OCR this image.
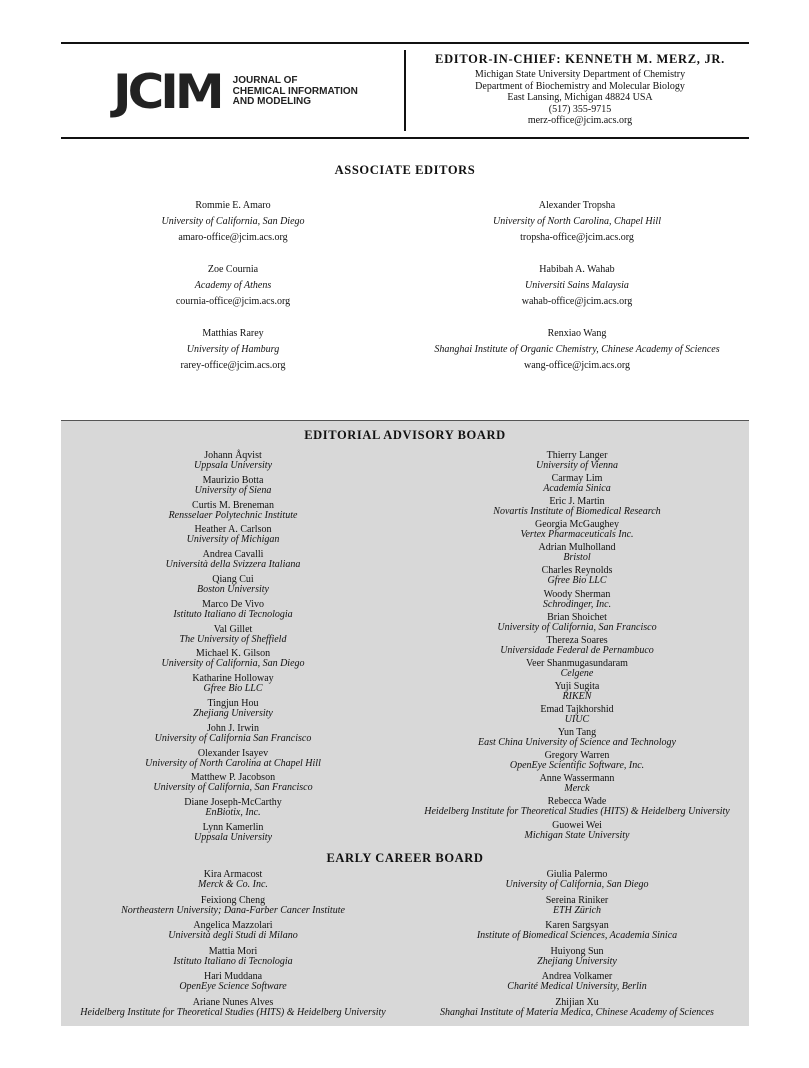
JCIM JOURNAL OF
CHEMICAL INFORMATION
AND MODELING
EDITOR-IN-CHIEF: KENNETH M. MERZ, JR.
Michigan State University Department of Chemistry
Department of Biochemistry and Molecular Biology
East Lansing, Michigan 48824 USA
(517) 355-9715
merz-office@jcim.acs.org
ASSOCIATE EDITORS
Rommie E. Amaro
University of California, San Diego
amaro-office@jcim.acs.org
Zoe Cournia
Academy of Athens
cournia-office@jcim.acs.org
Matthias Rarey
University of Hamburg
rarey-office@jcim.acs.org
Alexander Tropsha
University of North Carolina, Chapel Hill
tropsha-office@jcim.acs.org
Habibah A. Wahab
Universiti Sains Malaysia
wahab-office@jcim.acs.org
Renxiao Wang
Shanghai Institute of Organic Chemistry, Chinese Academy of Sciences
wang-office@jcim.acs.org
EDITORIAL ADVISORY BOARD
Johann Åqvist
Uppsala University
Maurizio Botta
University of Siena
Curtis M. Breneman
Rensselaer Polytechnic Institute
Heather A. Carlson
University of Michigan
Andrea Cavalli
Università della Svizzera Italiana
Qiang Cui
Boston University
Marco De Vivo
Istituto Italiano di Tecnologia
Val Gillet
The University of Sheffield
Michael K. Gilson
University of California, San Diego
Katharine Holloway
Gfree Bio LLC
Tingjun Hou
Zhejiang University
John J. Irwin
University of California San Francisco
Olexander Isayev
University of North Carolina at Chapel Hill
Matthew P. Jacobson
University of California, San Francisco
Diane Joseph-McCarthy
EnBiotix, Inc.
Lynn Kamerlin
Uppsala University
Thierry Langer
University of Vienna
Carmay Lim
Academia Sinica
Eric J. Martin
Novartis Institute of Biomedical Research
Georgia McGaughey
Vertex Pharmaceuticals Inc.
Adrian Mulholland
Bristol
Charles Reynolds
Gfree Bio LLC
Woody Sherman
Schrodinger, Inc.
Brian Shoichet
University of California, San Francisco
Thereza Soares
Universidade Federal de Pernambuco
Veer Shanmugasundaram
Celgene
Yuji Sugita
RIKEN
Emad Tajkhorshid
UIUC
Yun Tang
East China University of Science and Technology
Gregory Warren
OpenEye Scientific Software, Inc.
Anne Wassermann
Merck
Rebecca Wade
Heidelberg Institute for Theoretical Studies (HITS) & Heidelberg University
Guowei Wei
Michigan State University
EARLY CAREER BOARD
Kira Armacost
Merck & Co. Inc.
Feixiong Cheng
Northeastern University; Dana-Farber Cancer Institute
Angelica Mazzolari
Università degli Studi di Milano
Mattia Mori
Istituto Italiano di Tecnologia
Hari Muddana
OpenEye Science Software
Ariane Nunes Alves
Heidelberg Institute for Theoretical Studies (HITS) & Heidelberg University
Giulia Palermo
University of California, San Diego
Sereina Riniker
ETH Zürich
Karen Sargsyan
Institute of Biomedical Sciences, Academia Sinica
Huiyong Sun
Zhejiang University
Andrea Volkamer
Charité Medical University, Berlin
Zhijian Xu
Shanghai Institute of Materia Medica, Chinese Academy of Sciences
